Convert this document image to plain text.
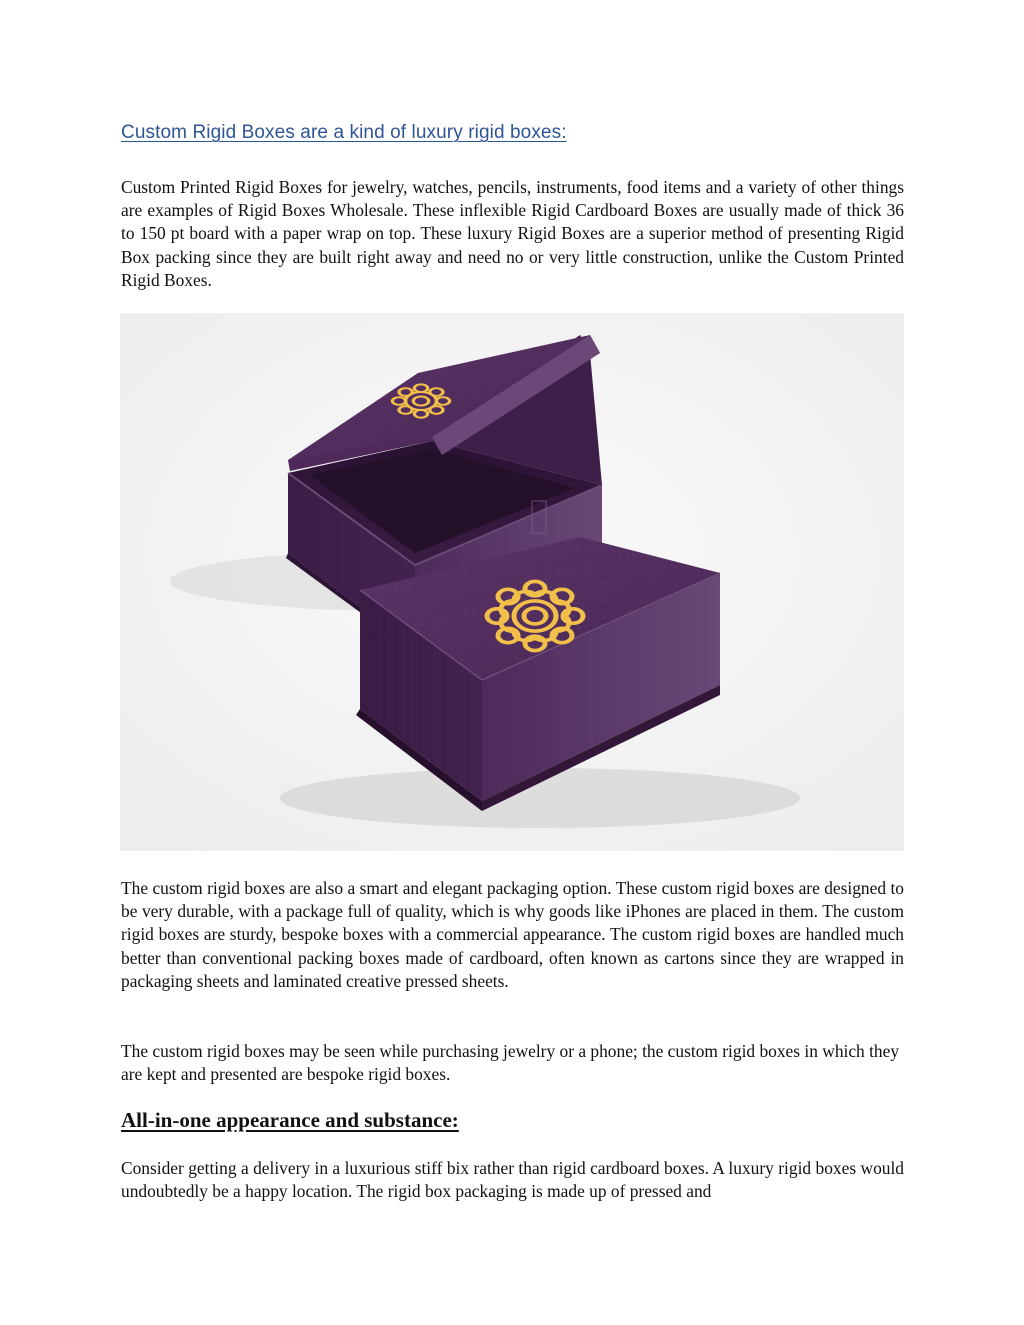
Custom Rigid Boxes are a kind of luxury rigid boxes:

Custom Printed Rigid Boxes for jewelry, watches, pencils, instruments, food items and a variety of other things are examples of Rigid Boxes Wholesale. These inflexible Rigid Cardboard Boxes are usually made of thick 36 to 150 pt board with a paper wrap on top. These luxury Rigid Boxes are a superior method of presenting Rigid Box packing since they are built right away and need no or very little construction, unlike the Custom Printed Rigid Boxes.

The custom rigid boxes are also a smart and elegant packaging option. These custom rigid boxes are designed to be very durable, with a package full of quality, which is why goods like iPhones are placed in them. The custom rigid boxes are sturdy, bespoke boxes with a commercial appearance. The custom rigid boxes are handled much better than conventional packing boxes made of cardboard, often known as cartons since they are wrapped in packaging sheets and laminated creative pressed sheets.

The custom rigid boxes may be seen while purchasing jewelry or a phone; the custom rigid boxes in which they are kept and presented are bespoke rigid boxes.

All-in-one appearance and substance:

Consider getting a delivery in a luxurious stiff bix rather than rigid cardboard boxes. A luxury rigid boxes would undoubtedly be a happy location. The rigid box packaging is made up of pressed and
